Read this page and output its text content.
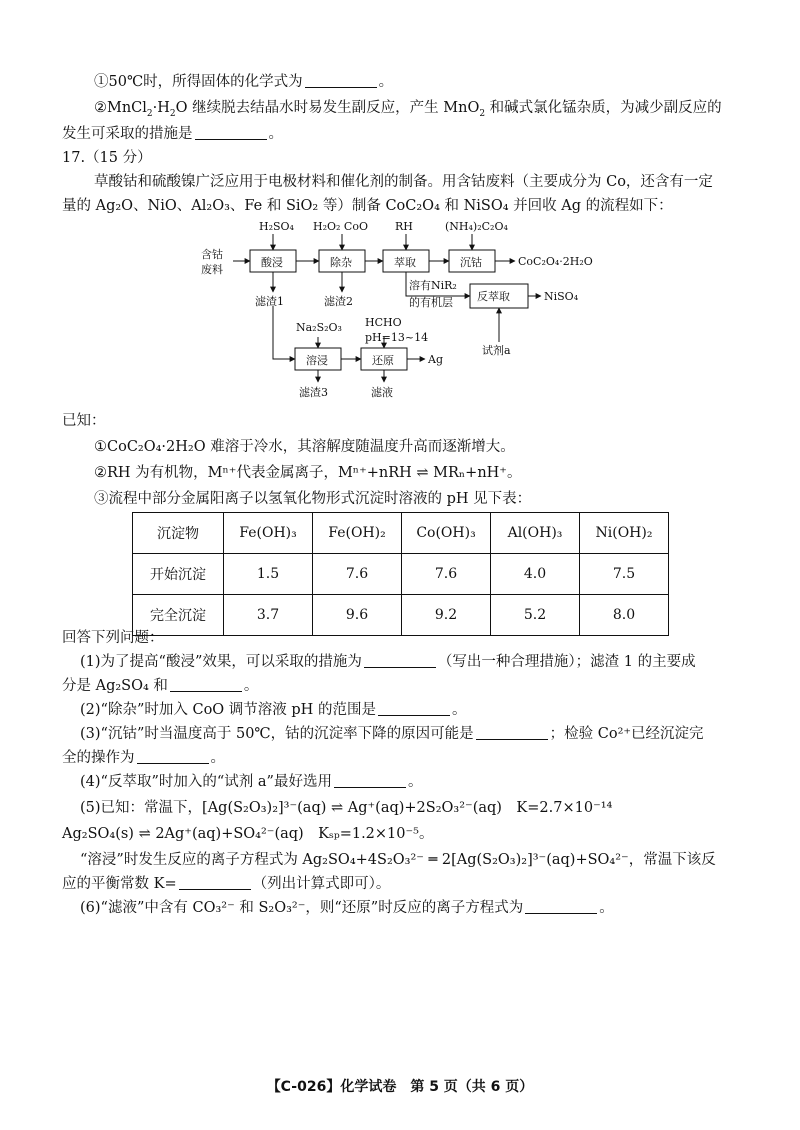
①50℃时，所得固体的化学式为	。
$②MnCl_2\cdot H_2O$ 继续脱去结晶水时易发生副反应，产生 MnO$_2$ 和碱式氯化锰杂质，为减少副反应的
发生可采取的措施是	。
17.（15 分）
草酸钴和硫酸镍广泛应用于电极材料和催化剂的制备。用含钴废料（主要成分为 Co，还含有一定
量的 Ag₂O、NiO、Al₂O₃、Fe 和 SiO₂ 等）制备 CoC₂O₄ 和 NiSO₄ 并回收 Ag 的流程如下：
含钴
废料
酸浸	除杂	萃取	沉钴
反萃取
溶浸	还原
H₂SO₄ H₂O₂ CoO RH	(NH₄)₂C₂O₄
Na₂S₂O₃ HCHO
pH=13~14
试剂a
滤渣1	滤渣2
滤渣3	滤液
溶有NiR₂
的有机层
CoC₂O₄·2H₂O
NiSO₄
Ag
已知：
①CoC₂O₄·2H₂O 难溶于冷水，其溶解度随温度升高而逐渐增大。
②RH 为有机物，Mⁿ⁺代表金属离子，Mⁿ⁺+nRH ⇌ MRₙ+nH⁺。
③流程中部分金属阳离子以氢氧化物形式沉淀时溶液的 pH 见下表：
沉淀物	Fe(OH)₃	Fe(OH)₂	Co(OH)₃	Al(OH)₃	Ni(OH)₂
开始沉淀	1.5	7.6	7.6	4.0	7.5
完全沉淀	3.7	9.6	9.2	5.2	8.0
回答下列问题：
(1)为了提高“酸浸”效果，可以采取的措施为	（写出一种合理措施）；滤渣 1 的主要成
分是 Ag₂SO₄ 和	。
(2)“除杂”时加入 CoO 调节溶液 pH 的范围是	。
(3)“沉钴”时当温度高于 50℃，钴的沉淀率下降的原因可能是	；检验 Co²⁺已经沉淀完
全的操作为	。
(4)“反萃取”时加入的“试剂 a”最好选用	。
(5)已知：常温下，[Ag(S₂O₃)₂]³⁻(aq) ⇌ Ag⁺(aq)+2S₂O₃²⁻(aq)　K=2.7×10⁻¹⁴
Ag₂SO₄(s) ⇌ 2Ag⁺(aq)+SO₄²⁻(aq)　Kₛₚ=1.2×10⁻⁵。
“溶浸”时发生反应的离子方程式为 Ag₂SO₄+4S₂O₃²⁻ ═ 2[Ag(S₂O₃)₂]³⁻(aq)+SO₄²⁻，常温下该反
应的平衡常数 K=	（列出计算式即可）。
(6)“滤液”中含有 CO₃²⁻ 和 S₂O₃²⁻，则“还原”时反应的离子方程式为	。
【C-026】化学试卷　第 5 页（共 6 页）
